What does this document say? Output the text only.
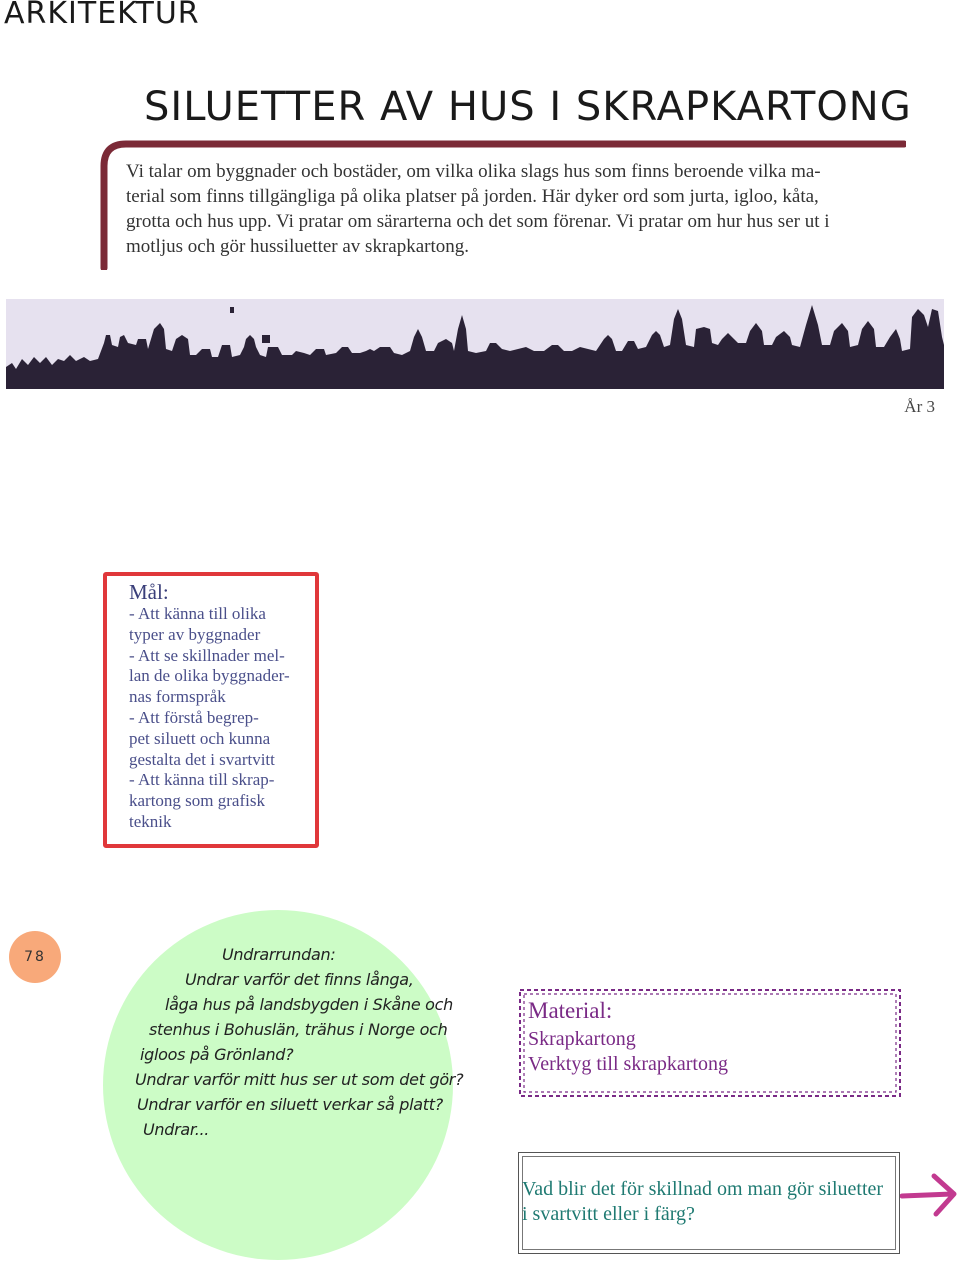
ARKITEKTUR
SILUETTER AV HUS I SKRAPKARTONG
Vi talar om byggnader och bostäder, om vilka olika slags hus som finns beroende vilka ma-
terial som finns tillgängliga på olika platser på jorden. Här dyker ord som jurta, igloo, kåta,
grotta och hus upp. Vi pratar om särarterna och det som förenar. Vi pratar om hur hus ser ut i
motljus och gör hussiluetter av skrapkartong.
År 3
Mål:
- Att känna till olika
typer av byggnader
- Att se skillnader mel-
lan de olika byggnader-
nas formspråk
- Att förstå begrep-
pet siluett och kunna
gestalta det i svartvitt
- Att känna till skrap-
kartong som grafisk
teknik
78	Undrarrundan:
Undrar varför det finns långa,
låga hus på landsbygden i Skåne och
stenhus i Bohuslän, trähus i Norge och
igloos på Grönland?
Undrar varför mitt hus ser ut som det gör?
Undrar varför en siluett verkar så platt?
Undrar...
Material:
Skrapkartong
Verktyg till skrapkartong
Vad blir det för skillnad om man gör siluetter
i svartvitt eller i färg?
